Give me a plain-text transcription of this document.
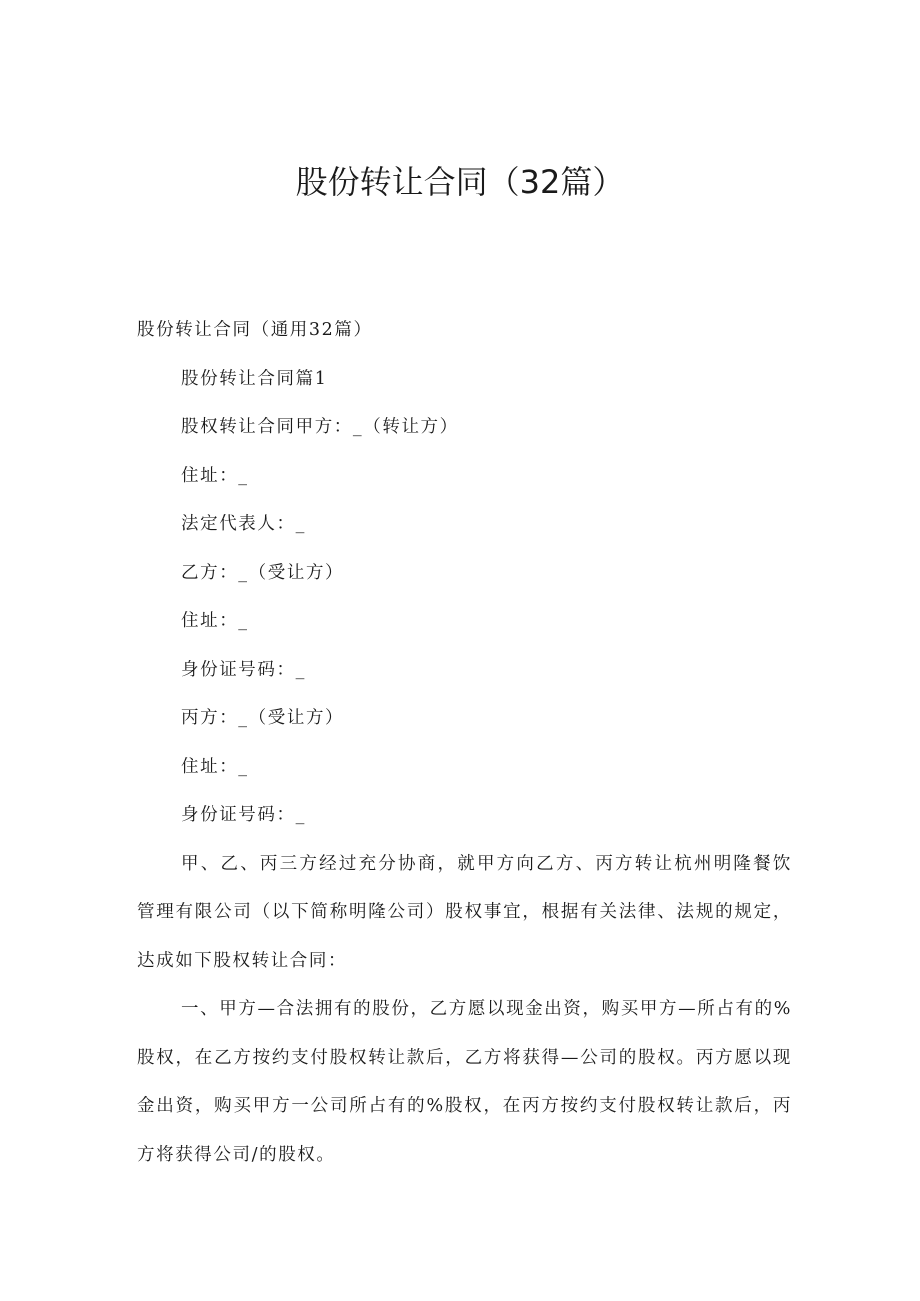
股份转让合同（32篇）

股份转让合同（通用32篇）

股份转让合同篇1

股权转让合同甲方：_（转让方）

住址：_

法定代表人：_

乙方：_（受让方）

住址：_

身份证号码：_

丙方：_（受让方）

住址：_

身份证号码：_

甲、乙、丙三方经过充分协商，就甲方向乙方、丙方转让杭州明隆餐饮管理有限公司（以下简称明隆公司）股权事宜，根据有关法律、法规的规定，达成如下股权转让合同：

一、甲方—合法拥有的股份，乙方愿以现金出资，购买甲方—所占有的%股权，在乙方按约支付股权转让款后，乙方将获得—公司的股权。丙方愿以现金出资，购买甲方一公司所占有的%股权，在丙方按约支付股权转让款后，丙方将获得公司/的股权。
